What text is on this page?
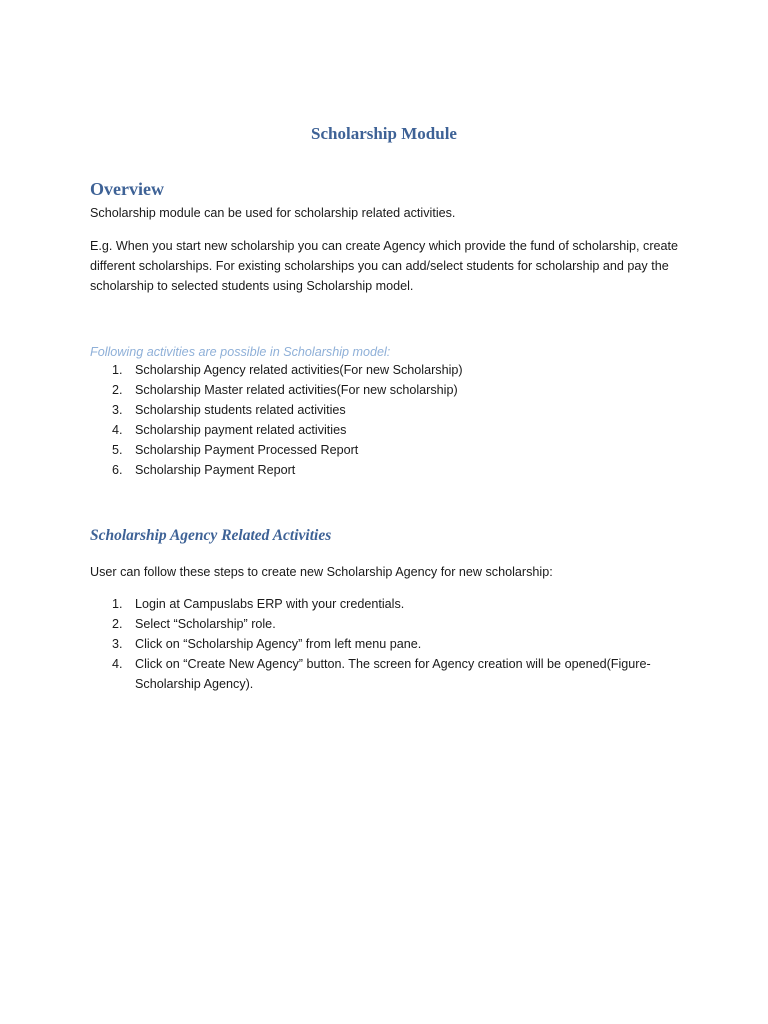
Scholarship Module
Overview

Scholarship module can be used for scholarship related activities.

E.g. When you start new scholarship you can create Agency which provide the fund of scholarship, create different scholarships. For existing scholarships you can add/select students for scholarship and pay the scholarship to selected students using Scholarship model.

Following activities are possible in Scholarship model:

1. Scholarship Agency related activities(For new Scholarship)
2. Scholarship Master related activities(For new scholarship)
3. Scholarship students related activities
4. Scholarship payment related activities
5. Scholarship Payment Processed Report
6. Scholarship Payment Report
Scholarship Agency Related Activities

User can follow these steps to create new Scholarship Agency for new scholarship:

1. Login at Campuslabs ERP with your credentials.
2. Select “Scholarship” role.
3. Click on “Scholarship Agency” from left menu pane.
4. Click on “Create New Agency” button. The screen for Agency creation will be opened(Figure-Scholarship Agency).
